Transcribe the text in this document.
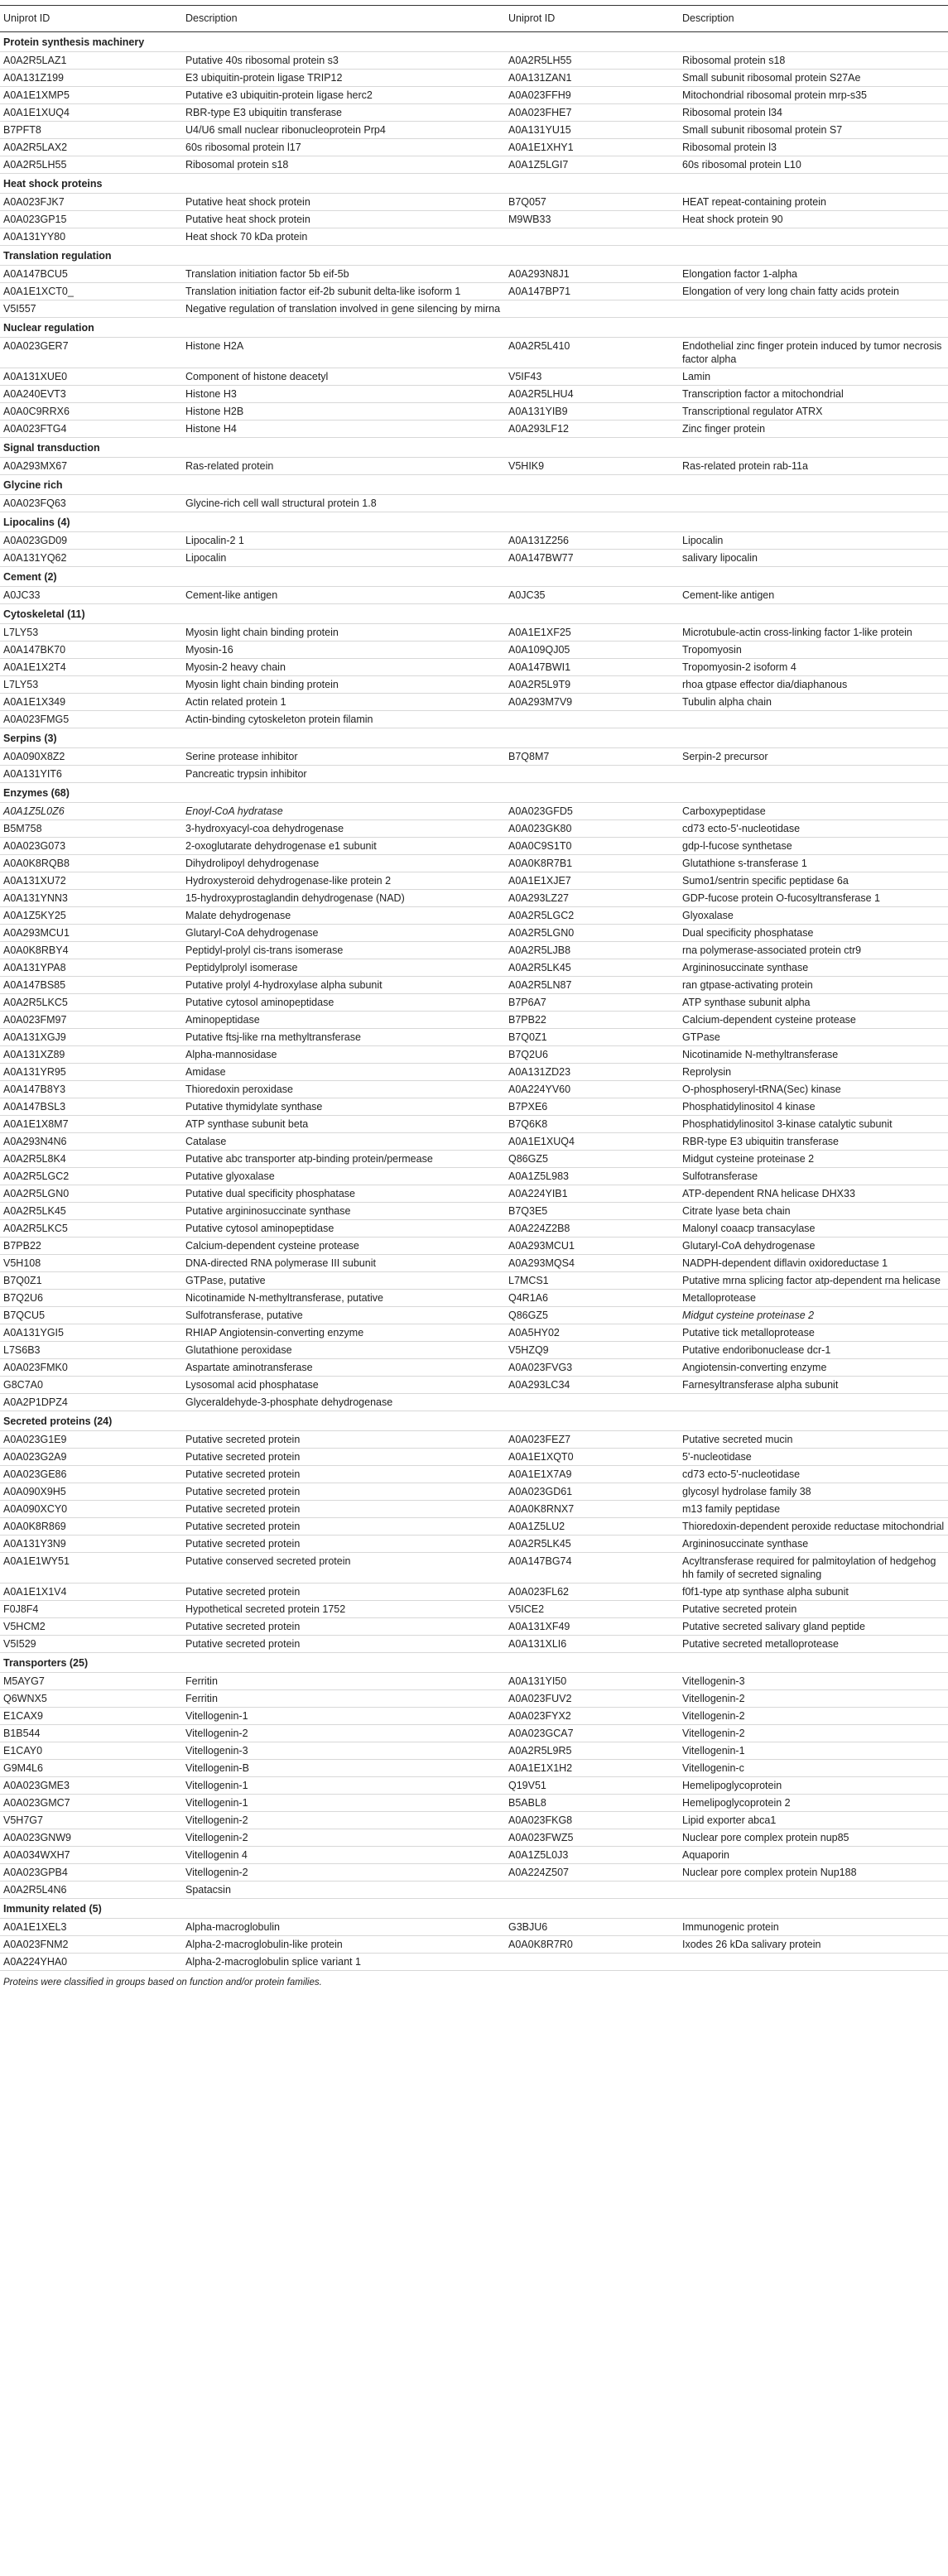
Uniprot ID	Description	Uniprot ID	Description
Protein synthesis machinery			
A0A2R5LAZ1	Putative 40s ribosomal protein s3	A0A2R5LH55	Ribosomal protein s18
A0A131Z199	E3 ubiquitin-protein ligase TRIP12	A0A131ZAN1	Small subunit ribosomal protein S27Ae
A0A1E1XMP5	Putative e3 ubiquitin-protein ligase herc2	A0A023FFH9	Mitochondrial ribosomal protein mrp-s35
A0A1E1XUQ4	RBR-type E3 ubiquitin transferase	A0A023FHE7	Ribosomal protein l34
B7PFT8	U4/U6 small nuclear ribonucleoprotein Prp4	A0A131YU15	Small subunit ribosomal protein S7
A0A2R5LAX2	60s ribosomal protein l17	A0A1E1XHY1	Ribosomal protein l3
A0A2R5LH55	Ribosomal protein s18	A0A1Z5LGI7	60s ribosomal protein L10
Heat shock proteins			
A0A023FJK7	Putative heat shock protein	B7Q057	HEAT repeat-containing protein
A0A023GP15	Putative heat shock protein	M9WB33	Heat shock protein 90
A0A131YY80	Heat shock 70 kDa protein		
Translation regulation			
A0A147BCU5	Translation initiation factor 5b eif-5b	A0A293N8J1	Elongation factor 1-alpha
A0A1E1XCT0_	Translation initiation factor eif-2b subunit delta-like isoform 1	A0A147BP71	Elongation of very long chain fatty acids protein
V5I557	Negative regulation of translation involved in gene silencing by mirna		
Nuclear regulation			
A0A023GER7	Histone H2A	A0A2R5L410	Endothelial zinc finger protein induced by tumor necrosis factor alpha
A0A131XUE0	Component of histone deacetyl	V5IF43	Lamin
A0A240EVT3	Histone H3	A0A2R5LHU4	Transcription factor a mitochondrial
A0A0C9RRX6	Histone H2B	A0A131YIB9	Transcriptional regulator ATRX
A0A023FTG4	Histone H4	A0A293LF12	Zinc finger protein
Signal transduction			
A0A293MX67	Ras-related protein	V5HIK9	Ras-related protein rab-11a
Glycine rich			
A0A023FQ63	Glycine-rich cell wall structural protein 1.8		
Lipocalins (4)			
A0A023GD09	Lipocalin-2 1	A0A131Z256	Lipocalin
A0A131YQ62	Lipocalin	A0A147BW77	salivary lipocalin
Cement (2)			
A0JC33	Cement-like antigen	A0JC35	Cement-like antigen
Cytoskeletal (11)			
L7LY53	Myosin light chain binding protein	A0A1E1XF25	Microtubule-actin cross-linking factor 1-like protein
A0A147BK70	Myosin-16	A0A109QJ05	Tropomyosin
A0A1E1X2T4	Myosin-2 heavy chain	A0A147BWI1	Tropomyosin-2 isoform 4
L7LY53	Myosin light chain binding protein	A0A2R5L9T9	rhoa gtpase effector dia/diaphanous
A0A1E1X349	Actin related protein 1	A0A293M7V9	Tubulin alpha chain
A0A023FMG5	Actin-binding cytoskeleton protein filamin		
Serpins (3)			
A0A090X8Z2	Serine protease inhibitor	B7Q8M7	Serpin-2 precursor
A0A131YIT6	Pancreatic trypsin inhibitor		
Enzymes (68)			
A0A1Z5L0Z6	Enoyl-CoA hydratase	A0A023GFD5	Carboxypeptidase
B5M758	3-hydroxyacyl-coa dehydrogenase	A0A023GK80	cd73 ecto-5'-nucleotidase
A0A023G073	2-oxoglutarate dehydrogenase e1 subunit	A0A0C9S1T0	gdp-l-fucose synthetase
A0A0K8RQB8	Dihydrolipoyl dehydrogenase	A0A0K8R7B1	Glutathione s-transferase 1
A0A131XU72	Hydroxysteroid dehydrogenase-like protein 2	A0A1E1XJE7	Sumo1/sentrin specific peptidase 6a
A0A131YNN3	15-hydroxyprostaglandin dehydrogenase (NAD)	A0A293LZ27	GDP-fucose protein O-fucosyltransferase 1
A0A1Z5KY25	Malate dehydrogenase	A0A2R5LGC2	Glyoxalase
A0A293MCU1	Glutaryl-CoA dehydrogenase	A0A2R5LGN0	Dual specificity phosphatase
A0A0K8RBY4	Peptidyl-prolyl cis-trans isomerase	A0A2R5LJB8	rna polymerase-associated protein ctr9
A0A131YPA8	Peptidylprolyl isomerase	A0A2R5LK45	Argininosuccinate synthase
A0A147BS85	Putative prolyl 4-hydroxylase alpha subunit	A0A2R5LN87	ran gtpase-activating protein
A0A2R5LKC5	Putative cytosol aminopeptidase	B7P6A7	ATP synthase subunit alpha
A0A023FM97	Aminopeptidase	B7PB22	Calcium-dependent cysteine protease
A0A131XGJ9	Putative ftsj-like rna methyltransferase	B7Q0Z1	GTPase
A0A131XZ89	Alpha-mannosidase	B7Q2U6	Nicotinamide N-methyltransferase
A0A131YR95	Amidase	A0A131ZD23	Reprolysin
A0A147B8Y3	Thioredoxin peroxidase	A0A224YV60	O-phosphoseryl-tRNA(Sec) kinase
A0A147BSL3	Putative thymidylate synthase	B7PXE6	Phosphatidylinositol 4 kinase
A0A1E1X8M7	ATP synthase subunit beta	B7Q6K8	Phosphatidylinositol 3-kinase catalytic subunit
A0A293N4N6	Catalase	A0A1E1XUQ4	RBR-type E3 ubiquitin transferase
A0A2R5L8K4	Putative abc transporter atp-binding protein/permease	Q86GZ5	Midgut cysteine proteinase 2
A0A2R5LGC2	Putative glyoxalase	A0A1Z5L983	Sulfotransferase
A0A2R5LGN0	Putative dual specificity phosphatase	A0A224YIB1	ATP-dependent RNA helicase DHX33
A0A2R5LK45	Putative argininosuccinate synthase	B7Q3E5	Citrate lyase beta chain
A0A2R5LKC5	Putative cytosol aminopeptidase	A0A224Z2B8	Malonyl coaacp transacylase
B7PB22	Calcium-dependent cysteine protease	A0A293MCU1	Glutaryl-CoA dehydrogenase
V5H108	DNA-directed RNA polymerase III subunit	A0A293MQS4	NADPH-dependent diflavin oxidoreductase 1
B7Q0Z1	GTPase, putative	L7MCS1	Putative mrna splicing factor atp-dependent rna helicase
B7Q2U6	Nicotinamide N-methyltransferase, putative	Q4R1A6	Metalloprotease
B7QCU5	Sulfotransferase, putative	Q86GZ5	Midgut cysteine proteinase 2
A0A131YGI5	RHIAP Angiotensin-converting enzyme	A0A5HY02	Putative tick metalloprotease
L7S6B3	Glutathione peroxidase	V5HZQ9	Putative endoribonuclease dcr-1
A0A023FMK0	Aspartate aminotransferase	A0A023FVG3	Angiotensin-converting enzyme
G8C7A0	Lysosomal acid phosphatase	A0A293LC34	Farnesyltransferase alpha subunit
A0A2P1DPZ4	Glyceraldehyde-3-phosphate dehydrogenase		
Secreted proteins (24)			
A0A023G1E9	Putative secreted protein	A0A023FEZ7	Putative secreted mucin
A0A023G2A9	Putative secreted protein	A0A1E1XQT0	5'-nucleotidase
A0A023GE86	Putative secreted protein	A0A1E1X7A9	cd73 ecto-5'-nucleotidase
A0A090X9H5	Putative secreted protein	A0A023GD61	glycosyl hydrolase family 38
A0A090XCY0	Putative secreted protein	A0A0K8RNX7	m13 family peptidase
A0A0K8R869	Putative secreted protein	A0A1Z5LU2	Thioredoxin-dependent peroxide reductase mitochondrial
A0A131Y3N9	Putative secreted protein	A0A2R5LK45	Argininosuccinate synthase
A0A1E1WY51	Putative conserved secreted protein	A0A147BG74	Acyltransferase required for palmitoylation of hedgehog hh family of secreted signaling
A0A1E1X1V4	Putative secreted protein	A0A023FL62	f0f1-type atp synthase alpha subunit
F0J8F4	Hypothetical secreted protein 1752	V5ICE2	Putative secreted protein
V5HCM2	Putative secreted protein	A0A131XF49	Putative secreted salivary gland peptide
V5I529	Putative secreted protein	A0A131XLI6	Putative secreted metalloprotease
Transporters (25)			
M5AYG7	Ferritin	A0A131YI50	Vitellogenin-3
Q6WNX5	Ferritin	A0A023FUV2	Vitellogenin-2
E1CAX9	Vitellogenin-1	A0A023FYX2	Vitellogenin-2
B1B544	Vitellogenin-2	A0A023GCA7	Vitellogenin-2
E1CAY0	Vitellogenin-3	A0A2R5L9R5	Vitellogenin-1
G9M4L6	Vitellogenin-B	A0A1E1X1H2	Vitellogenin-c
A0A023GME3	Vitellogenin-1	Q19V51	Hemelipoglycoprotein
A0A023GMC7	Vitellogenin-1	B5ABL8	Hemelipoglycoprotein 2
V5H7G7	Vitellogenin-2	A0A023FKG8	Lipid exporter abca1
A0A023GNW9	Vitellogenin-2	A0A023FWZ5	Nuclear pore complex protein nup85
A0A034WXH7	Vitellogenin 4	A0A1Z5L0J3	Aquaporin
A0A023GPB4	Vitellogenin-2	A0A224Z507	Nuclear pore complex protein Nup188
A0A2R5L4N6	Spatacsin		
Immunity related (5)			
A0A1E1XEL3	Alpha-macroglobulin	G3BJU6	Immunogenic protein
A0A023FNM2	Alpha-2-macroglobulin-like protein	A0A0K8R7R0	Ixodes 26 kDa salivary protein
A0A224YHA0	Alpha-2-macroglobulin splice variant 1		
Proteins were classified in groups based on function and/or protein families.			
